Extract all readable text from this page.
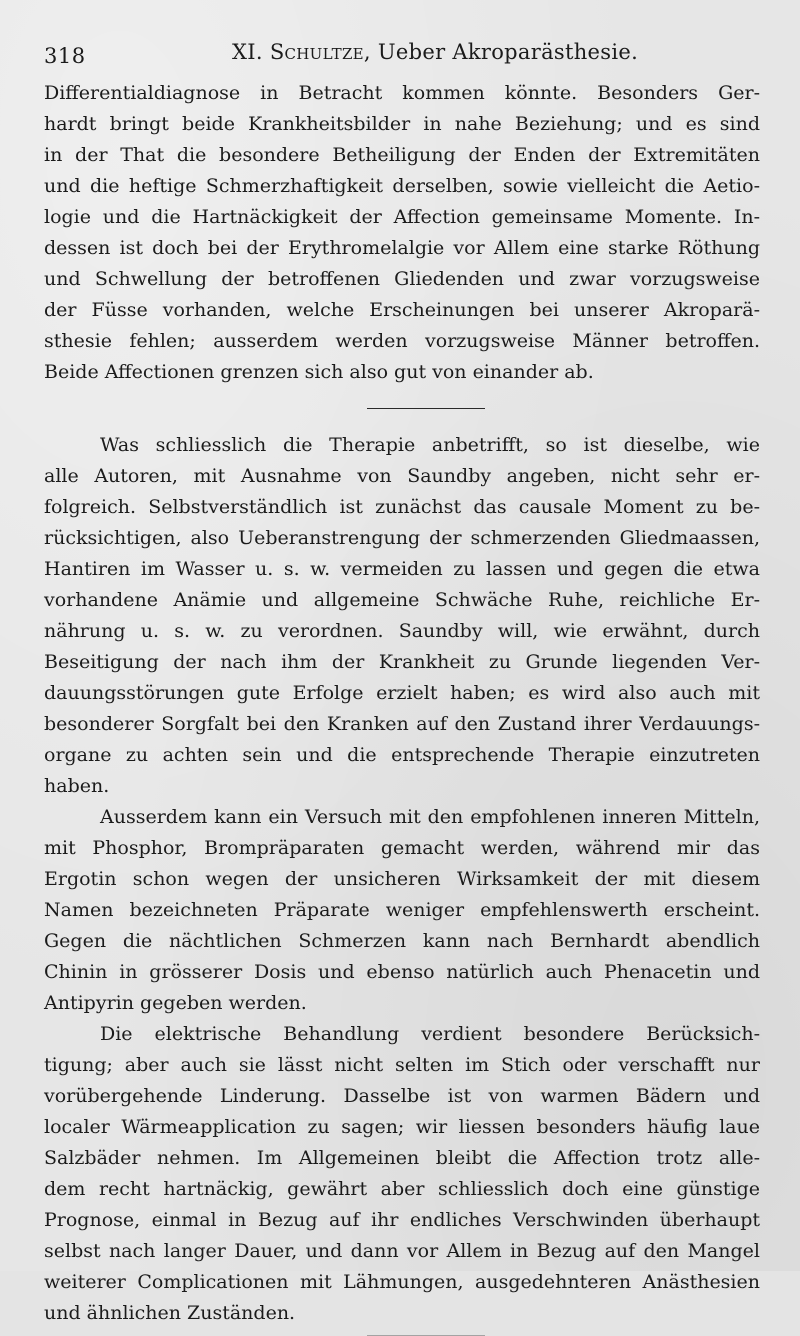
318	XI. Schultze, Ueber Akroparästhesie.
Differentialdiagnose in Betracht kommen könnte. Besonders Ger-
hardt bringt beide Krankheitsbilder in nahe Beziehung; und es sind
in der That die besondere Betheiligung der Enden der Extremitäten
und die heftige Schmerzhaftigkeit derselben, sowie vielleicht die Aetio-
logie und die Hartnäckigkeit der Affection gemeinsame Momente. In-
dessen ist doch bei der Erythromelalgie vor Allem eine starke Röthung
und Schwellung der betroffenen Gliedenden und zwar vorzugsweise
der Füsse vorhanden, welche Erscheinungen bei unserer Akroparä-
sthesie fehlen; ausserdem werden vorzugsweise Männer betroffen.
Beide Affectionen grenzen sich also gut von einander ab.
Was schliesslich die Therapie anbetrifft, so ist dieselbe, wie
alle Autoren, mit Ausnahme von Saundby angeben, nicht sehr er-
folgreich. Selbstverständlich ist zunächst das causale Moment zu be-
rücksichtigen, also Ueberanstrengung der schmerzenden Gliedmaassen,
Hantiren im Wasser u. s. w. vermeiden zu lassen und gegen die etwa
vorhandene Anämie und allgemeine Schwäche Ruhe, reichliche Er-
nährung u. s. w. zu verordnen. Saundby will, wie erwähnt, durch
Beseitigung der nach ihm der Krankheit zu Grunde liegenden Ver-
dauungsstörungen gute Erfolge erzielt haben; es wird also auch mit
besonderer Sorgfalt bei den Kranken auf den Zustand ihrer Verdauungs-
organe zu achten sein und die entsprechende Therapie einzutreten
haben.
Ausserdem kann ein Versuch mit den empfohlenen inneren Mitteln,
mit Phosphor, Brompräparaten gemacht werden, während mir das
Ergotin schon wegen der unsicheren Wirksamkeit der mit diesem
Namen bezeichneten Präparate weniger empfehlenswerth erscheint.
Gegen die nächtlichen Schmerzen kann nach Bernhardt abendlich
Chinin in grösserer Dosis und ebenso natürlich auch Phenacetin und
Antipyrin gegeben werden.
Die elektrische Behandlung verdient besondere Berücksich-
tigung; aber auch sie lässt nicht selten im Stich oder verschafft nur
vorübergehende Linderung. Dasselbe ist von warmen Bädern und
localer Wärmeapplication zu sagen; wir liessen besonders häufig laue
Salzbäder nehmen. Im Allgemeinen bleibt die Affection trotz alle-
dem recht hartnäckig, gewährt aber schliesslich doch eine günstige
Prognose, einmal in Bezug auf ihr endliches Verschwinden überhaupt
selbst nach langer Dauer, und dann vor Allem in Bezug auf den Mangel
weiterer Complicationen mit Lähmungen, ausgedehnteren Anästhesien
und ähnlichen Zuständen.
